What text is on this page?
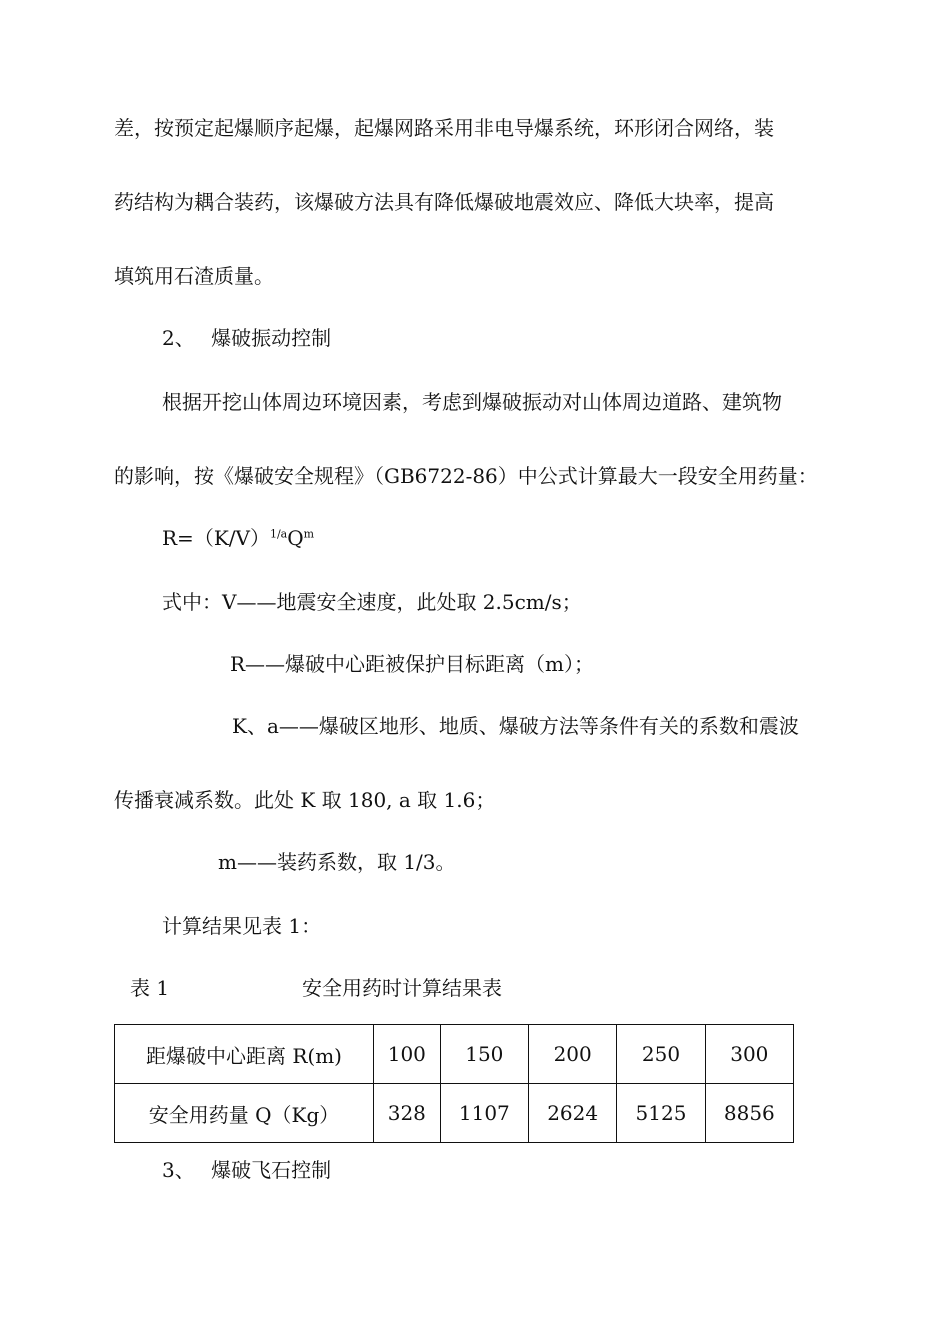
差，按预定起爆顺序起爆，起爆网路采用非电导爆系统，环形闭合网络，装
药结构为耦合装药，该爆破方法具有降低爆破地震效应、降低大块率，提高
填筑用石渣质量。
2、　 爆破振动控制
根据开挖山体周边环境因素，考虑到爆破振动对山体周边道路、建筑物
的影响，按《爆破安全规程》（GB6722-86）中公式计算最大一段安全用药量：
$R=(K/V)^{1/a}Q^m$
式中：V——地震安全速度，此处取 2.5cm/s；
R——爆破中心距被保护目标距离（m）；
K、a——爆破区地形、地质、爆破方法等条件有关的系数和震波
传播衰减系数。此处 K 取 180, a 取 1.6；
m——装药系数，取 1/3。
计算结果见表 1：
表 1	安全用药时计算结果表
距爆破中心距离 R(m)	100	150	200	250	300
安全用药量 Q（Kg）	328	1107	2624	5125	8856
3、　 爆破飞石控制
